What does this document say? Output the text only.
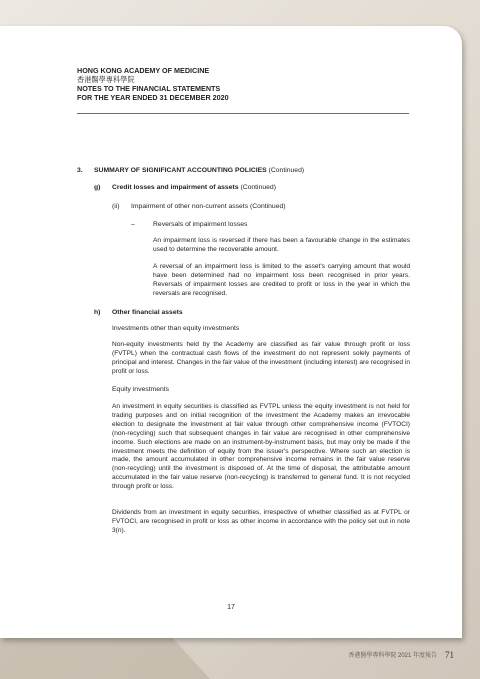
HONG KONG ACADEMY OF MEDICINE
香港醫學專科學院
NOTES TO THE FINANCIAL STATEMENTS
FOR THE YEAR ENDED 31 DECEMBER 2020
3. SUMMARY OF SIGNIFICANT ACCOUNTING POLICIES (Continued)
g) Credit losses and impairment of assets (Continued)
(ii) Impairment of other non-current assets (Continued)
–	Reversals of impairment losses

An impairment loss is reversed if there has been a favourable change in the estimates used to determine the recoverable amount.

A reversal of an impairment loss is limited to the asset's carrying amount that would have been determined had no impairment loss been recognised in prior years. Reversals of impairment losses are credited to profit or loss in the year in which the reversals are recognised.

h) Other financial assets
Investments other than equity investments

Non-equity investments held by the Academy are classified as fair value through profit or loss (FVTPL) when the contractual cash flows of the investment do not represent solely payments of principal and interest. Changes in the fair value of the investment (including interest) are recognised in profit or loss.

Equity investments

An investment in equity securities is classified as FVTPL unless the equity investment is not held for trading purposes and on initial recognition of the investment the Academy makes an irrevocable election to designate the investment at fair value through other comprehensive income (FVTOCI) (non-recycling) such that subsequent changes in fair value are recognised in other comprehensive income. Such elections are made on an instrument-by-instrument basis, but may only be made if the investment meets the definition of equity from the issuer's perspective. Where such an election is made, the amount accumulated in other comprehensive income remains in the fair value reserve (non-recycling) until the investment is disposed of. At the time of disposal, the attributable amount accumulated in the fair value reserve (non-recycling) is transferred to general fund. It is not recycled through profit or loss.

Dividends from an investment in equity securities, irrespective of whether classified as at FVTPL or FVTOCI, are recognised in profit or loss as other income in accordance with the policy set out in note 3(n).

17
香港醫學專科學院 2021 年度報告 71
